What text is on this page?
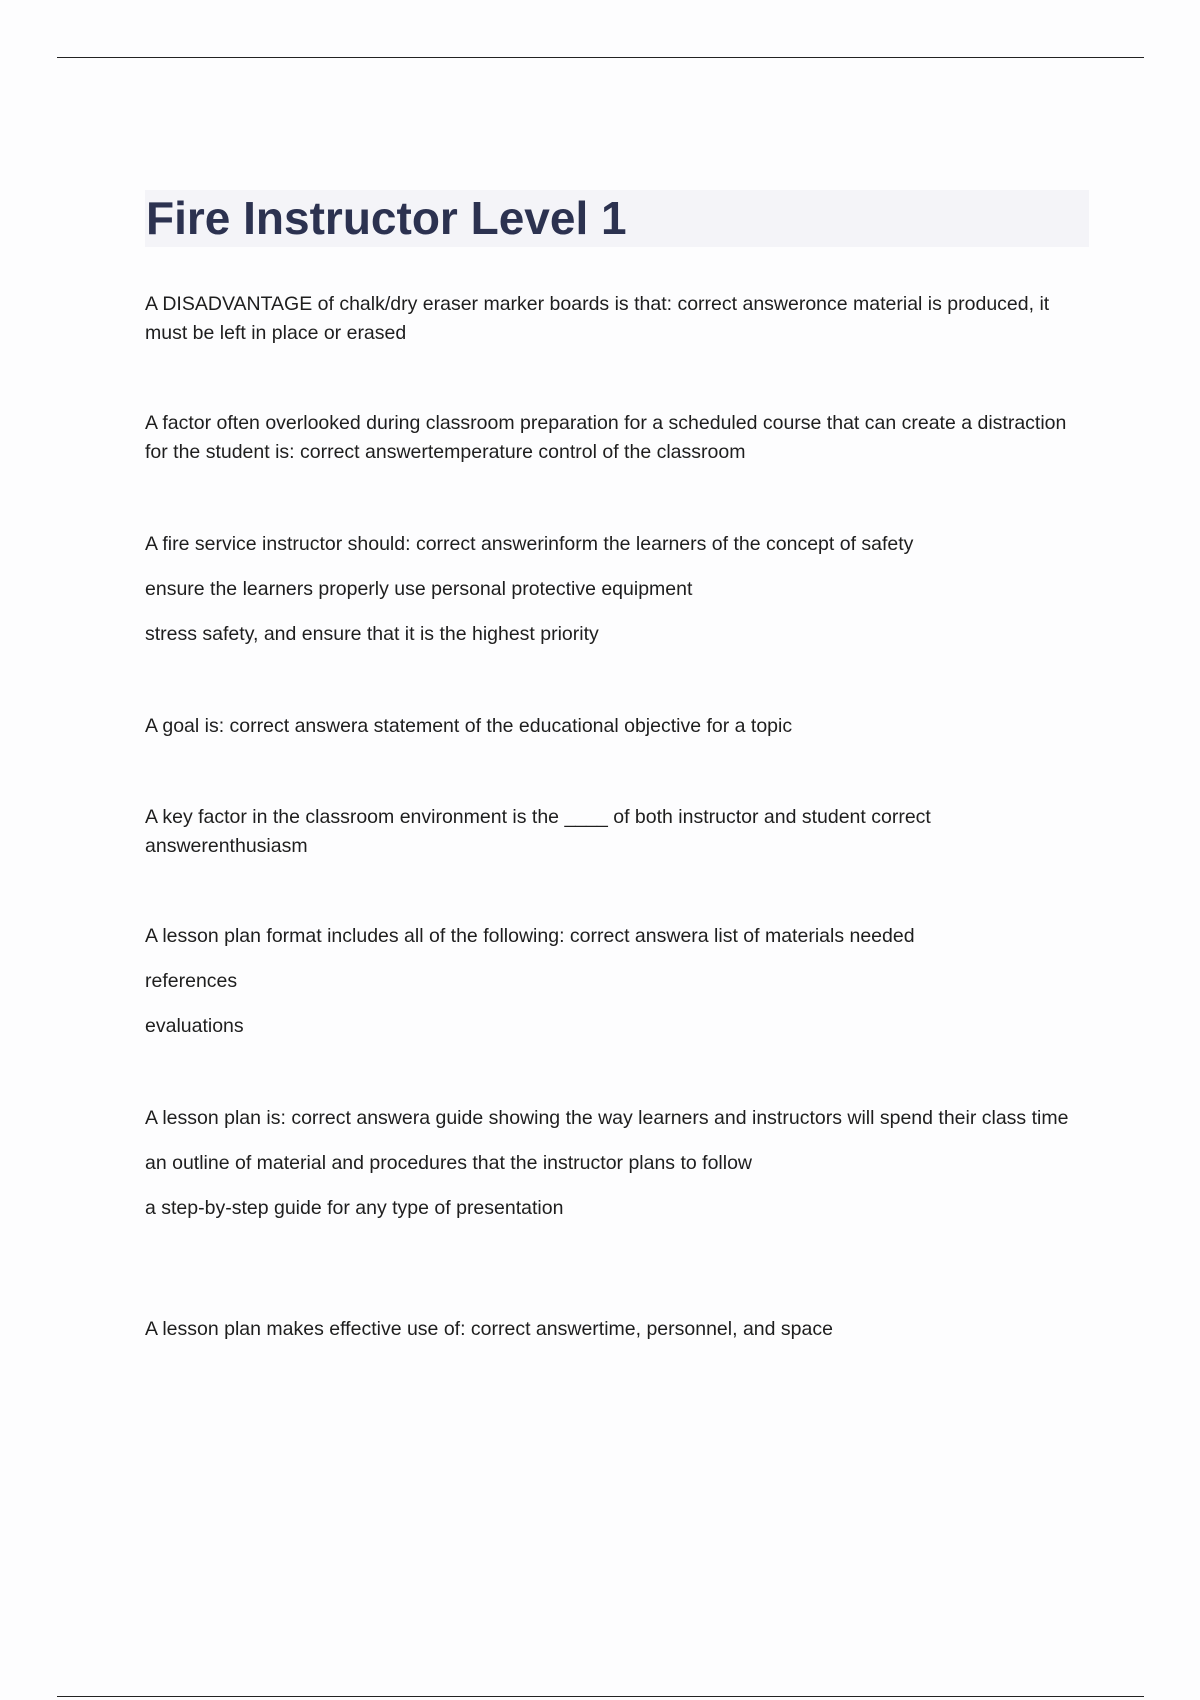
Fire Instructor Level 1

A DISADVANTAGE of chalk/dry eraser marker boards is that: correct answeronce material is produced, it must be left in place or erased

A factor often overlooked during classroom preparation for a scheduled course that can create a distraction for the student is: correct answertemperature control of the classroom

A fire service instructor should: correct answerinform the learners of the concept of safety

ensure the learners properly use personal protective equipment

stress safety, and ensure that it is the highest priority

A goal is: correct answera statement of the educational objective for a topic

A key factor in the classroom environment is the ____ of both instructor and student correct answerenthusiasm

A lesson plan format includes all of the following: correct answera list of materials needed

references

evaluations

A lesson plan is: correct answera guide showing the way learners and instructors will spend their class time

an outline of material and procedures that the instructor plans to follow

a step-by-step guide for any type of presentation

A lesson plan makes effective use of: correct answertime, personnel, and space
